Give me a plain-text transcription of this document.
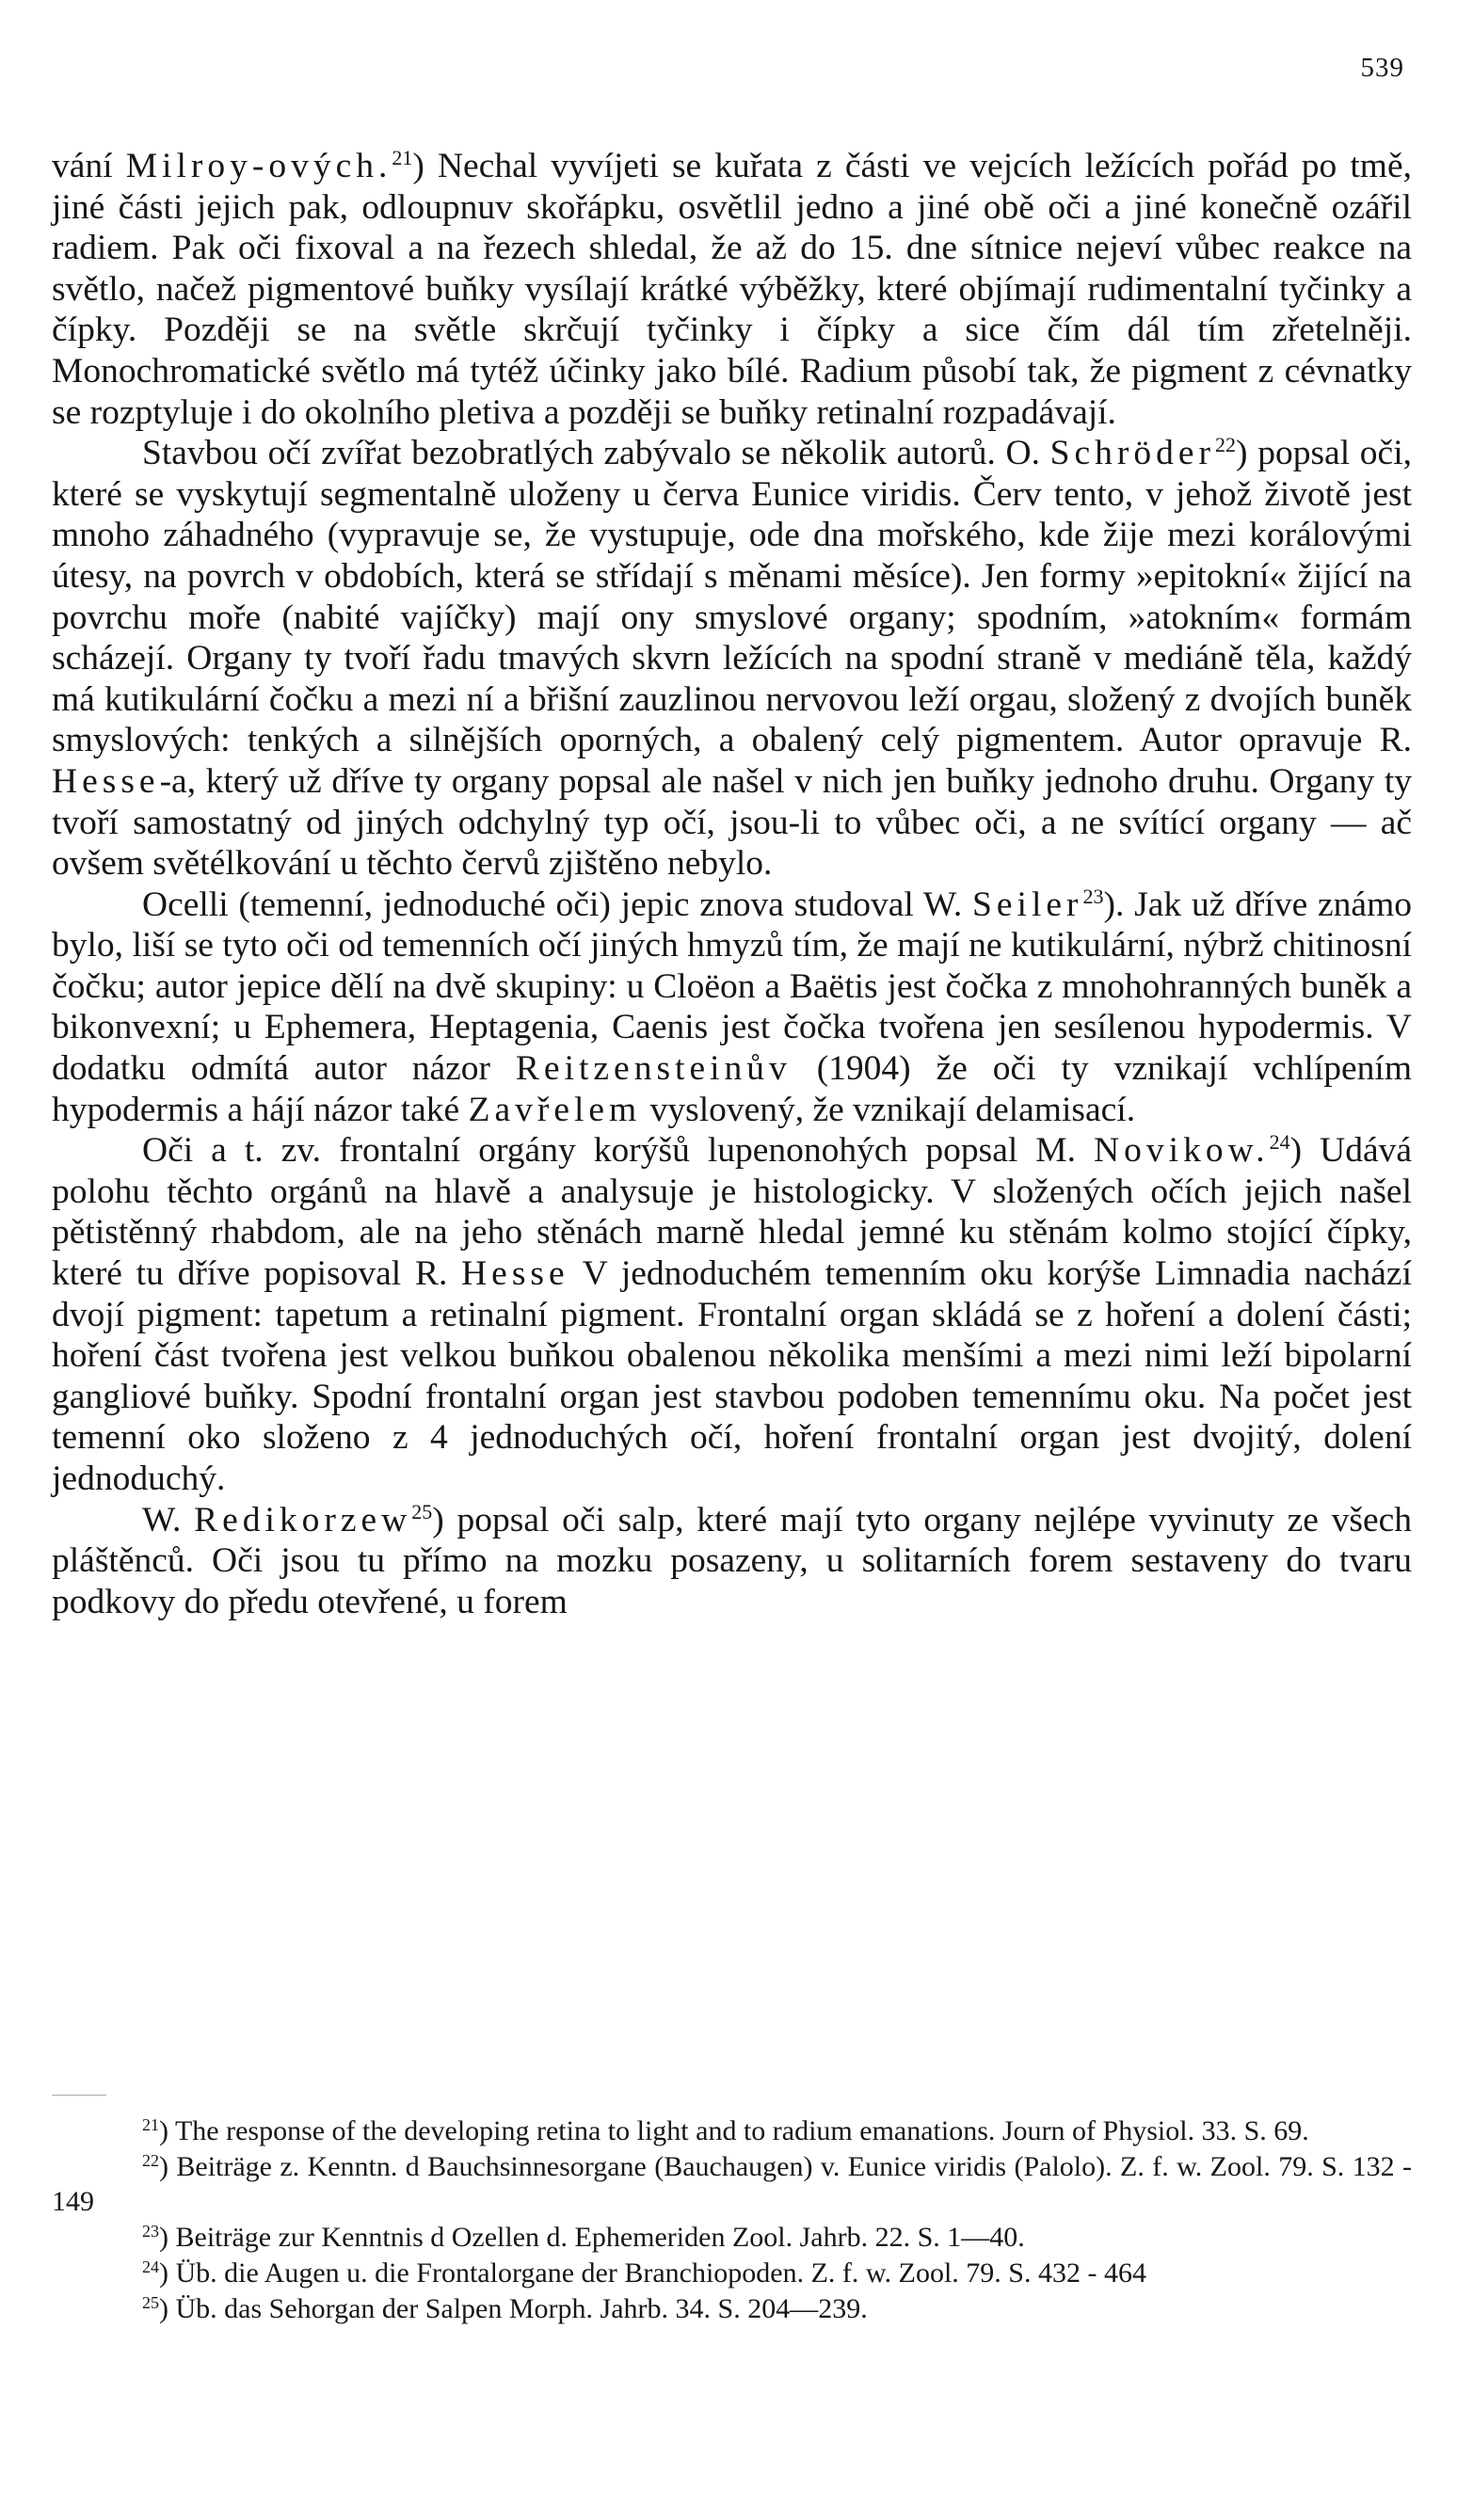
539

vání Milroy-ových.$^{21}$) Nechal vyvíjeti se kuřata z části ve vejcích ležících pořád po tmě, jiné části jejich pak, odloupnuv skořápku, osvětlil jedno a jiné obě oči a jiné konečně ozářil radiem. Pak oči fixoval a na řezech shledal, že až do 15. dne sítnice nejeví vůbec reakce na světlo, načež pigmentové buňky vysílají krátké výběžky, které objímají rudimentalní tyčinky a čípky. Později se na světle skrčují tyčinky i čípky a sice čím dál tím zřetelněji. Monochromatické světlo má tytéž účinky jako bílé. Radium působí tak, že pigment z cévnatky se rozptyluje i do okolního pletiva a později se buňky retinalní rozpadávají.

Stavbou očí zvířat bezobratlých zabývalo se několik autorů. O. Schröder$^{22}$) popsal oči, které se vyskytují segmentalně uloženy u červa Eunice viridis. Červ tento, v jehož životě jest mnoho záhadného (vypravuje se, že vystupuje, ode dna mořského, kde žije mezi korálovými útesy, na povrch v obdobích, která se střídají s měnami měsíce). Jen formy »epitokní« žijící na povrchu moře (nabité vajíčky) mají ony smyslové organy; spodním, »atokním« formám scházejí. Organy ty tvoří řadu tmavých skvrn ležících na spodní straně v mediáně těla, každý má kutikulární čočku a mezi ní a břišní zauzlinou nervovou leží orgau, složený z dvojích buněk smyslových: tenkých a silnějších oporných, a obalený celý pigmentem. Autor opravuje R. Hesse-a, který už dříve ty organy popsal ale našel v nich jen buňky jednoho druhu. Organy ty tvoří samostatný od jiných odchylný typ očí, jsou-li to vůbec oči, a ne svítící organy — ač ovšem světélkování u těchto červů zjištěno nebylo.

Ocelli (temenní, jednoduché oči) jepic znova studoval W. Seiler$^{23}$). Jak už dříve známo bylo, liší se tyto oči od temenních očí jiných hmyzů tím, že mají ne kutikulární, nýbrž chitinosní čočku; autor jepice dělí na dvě skupiny: u Cloëon a Baëtis jest čočka z mnohohranných buněk a bikonvexní; u Ephemera, Heptagenia, Caenis jest čočka tvořena jen sesílenou hypodermis. V dodatku odmítá autor názor Reitzensteinův (1904) že oči ty vznikají vchlípením hypodermis a hájí názor také Zavřelem vyslovený, že vznikají delamisací.

Oči a t. zv. frontalní orgány korýšů lupenonohých popsal M. Novikow.$^{24}$) Udává polohu těchto orgánů na hlavě a analysuje je histologicky. V složených očích jejich našel pětistěnný rhabdom, ale na jeho stěnách marně hledal jemné ku stěnám kolmo stojící čípky, které tu dříve popisoval R. Hesse V jednoduchém temenním oku korýše Limnadia nachází dvojí pigment: tapetum a retinalní pigment. Frontalní organ skládá se z hoření a dolení části; hoření část tvořena jest velkou buňkou obalenou několika menšími a mezi nimi leží bipolarní gangliové buňky. Spodní frontalní organ jest stavbou podoben temennímu oku. Na počet jest temenní oko složeno z 4 jednoduchých očí, hoření frontalní organ jest dvojitý, dolení jednoduchý.

W. Redikorzew$^{25}$) popsal oči salp, které mají tyto organy nejlépe vyvinuty ze všech pláštěnců. Oči jsou tu přímo na mozku posazeny, u solitarních forem sestaveny do tvaru podkovy do předu otevřené, u forem

$^{21}$) The response of the developing retina to light and to radium emanations. Journ of Physiol. 33. S. 69.

$^{22}$) Beiträge z. Kenntn. d Bauchsinnesorgane (Bauchaugen) v. Eunice viridis (Palolo). Z. f. w. Zool. 79. S. 132 - 149

$^{23}$) Beiträge zur Kenntnis d Ozellen d. Ephemeriden Zool. Jahrb. 22. S. 1—40.

$^{24}$) Üb. die Augen u. die Frontalorgane der Branchiopoden. Z. f. w. Zool. 79. S. 432 - 464

$^{25}$) Üb. das Sehorgan der Salpen Morph. Jahrb. 34. S. 204—239.
